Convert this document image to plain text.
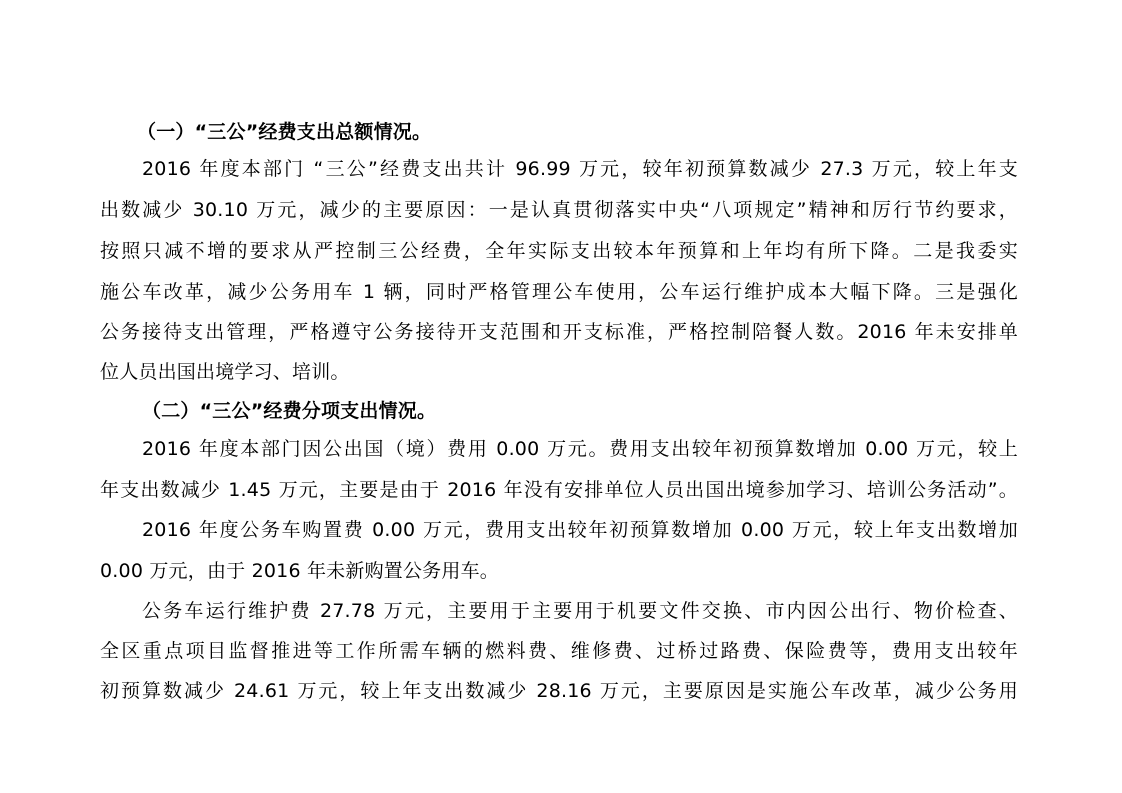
（一）“三公”经费支出总额情况。
2016 年度本部门 “三公”经费支出共计 96.99 万元，较年初预算数减少 27.3 万元，较上年支
出数减少 30.10 万元，减少的主要原因：一是认真贯彻落实中央“八项规定”精神和厉行节约要求，
按照只减不增的要求从严控制三公经费，全年实际支出较本年预算和上年均有所下降。二是我委实
施公车改革，减少公务用车 1 辆，同时严格管理公车使用，公车运行维护成本大幅下降。三是强化
公务接待支出管理，严格遵守公务接待开支范围和开支标准，严格控制陪餐人数。2016 年未安排单
位人员出国出境学习、培训。
（二）“三公”经费分项支出情况。
2016 年度本部门因公出国（境）费用 0.00 万元。费用支出较年初预算数增加 0.00 万元，较上
年支出数减少 1.45 万元，主要是由于 2016 年没有安排单位人员出国出境参加学习、培训公务活动”。
2016 年度公务车购置费 0.00 万元，费用支出较年初预算数增加 0.00 万元，较上年支出数增加
0.00 万元，由于 2016 年未新购置公务用车。
公务车运行维护费 27.78 万元，主要用于主要用于机要文件交换、市内因公出行、物价检查、
全区重点项目监督推进等工作所需车辆的燃料费、维修费、过桥过路费、保险费等，费用支出较年
初预算数减少 24.61 万元，较上年支出数减少 28.16 万元，主要原因是实施公车改革，减少公务用
